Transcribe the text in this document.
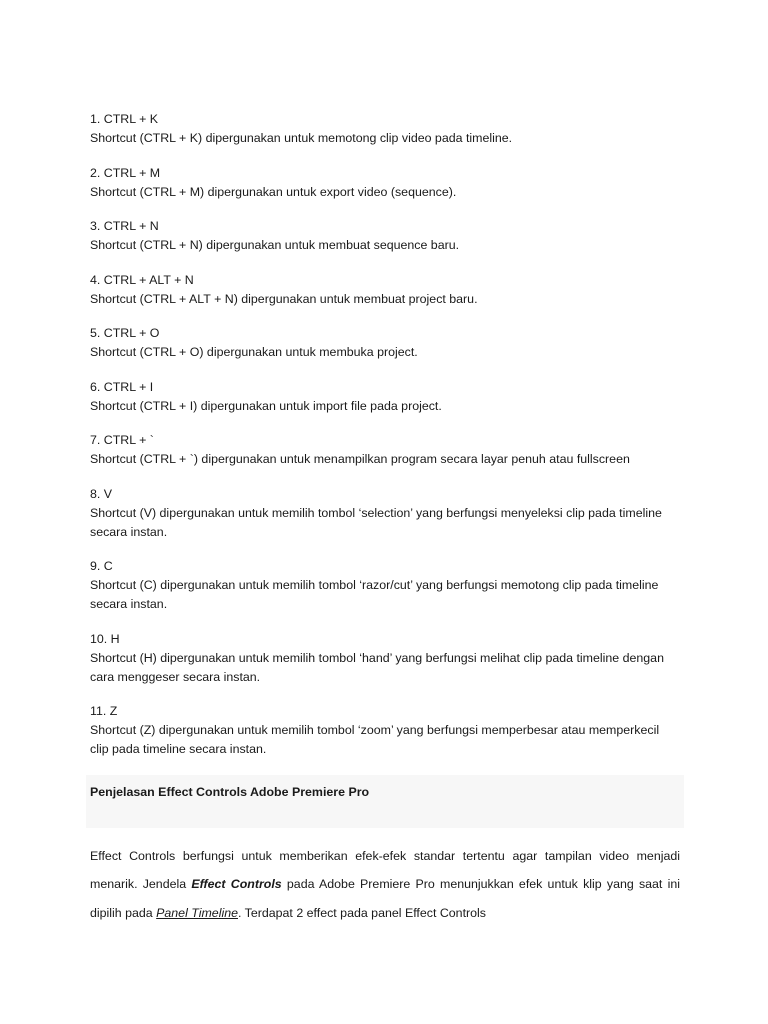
1. CTRL + K
Shortcut (CTRL + K) dipergunakan untuk memotong clip video pada timeline.
2. CTRL + M
Shortcut (CTRL + M) dipergunakan untuk export video (sequence).
3. CTRL + N
Shortcut (CTRL + N) dipergunakan untuk membuat sequence baru.
4. CTRL + ALT + N
Shortcut (CTRL + ALT + N) dipergunakan untuk membuat project baru.
5. CTRL + O
Shortcut (CTRL + O) dipergunakan untuk membuka project.
6. CTRL + I
Shortcut (CTRL + I) dipergunakan untuk import file pada project.
7. CTRL + `
Shortcut (CTRL + `) dipergunakan untuk menampilkan program secara layar penuh atau fullscreen
8. V
Shortcut (V) dipergunakan untuk memilih tombol ‘selection’ yang berfungsi menyeleksi clip pada timeline secara instan.
9. C
Shortcut (C) dipergunakan untuk memilih tombol ‘razor/cut’ yang berfungsi memotong clip pada timeline secara instan.
10. H
Shortcut (H) dipergunakan untuk memilih tombol ‘hand’ yang berfungsi melihat clip pada timeline dengan cara menggeser secara instan.
11. Z
Shortcut (Z) dipergunakan untuk memilih tombol ‘zoom’ yang berfungsi memperbesar atau memperkecil clip pada timeline secara instan.
Penjelasan Effect Controls Adobe Premiere Pro
Effect Controls berfungsi untuk memberikan efek-efek standar tertentu agar tampilan video menjadi menarik. Jendela Effect Controls pada Adobe Premiere Pro menunjukkan efek untuk klip yang saat ini dipilih pada Panel Timeline. Terdapat 2 effect pada panel Effect Controls
